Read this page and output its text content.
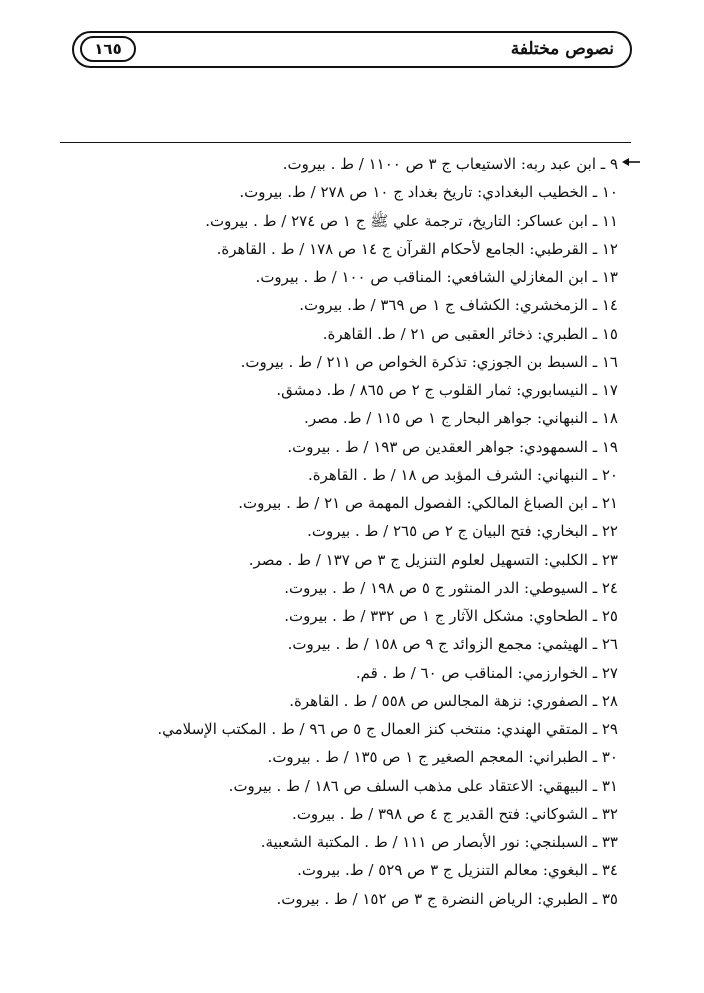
نصوص مختلفة
١٦٥
٩ ـ ابن عبد ربه: الاستيعاب ج ٣ ص ١١٠٠ / ط . بيروت.
١٠ ـ الخطيب البغدادي: تاريخ بغداد ج ١٠ ص ٢٧٨ / ط. بيروت.
١١ ـ ابن عساكر: التاريخ، ترجمة علي ﷺ ج ١ ص ٢٧٤ / ط . بيروت.
١٢ ـ القرطبي: الجامع لأحكام القرآن ج ١٤ ص ١٧٨ / ط . القاهرة.
١٣ ـ ابن المغازلي الشافعي: المناقب ص ١٠٠ / ط . بيروت.
١٤ ـ الزمخشري: الكشاف ج ١ ص ٣٦٩ / ط. بيروت.
١٥ ـ الطبري: ذخائر العقبى ص ٢١ / ط. القاهرة.
١٦ ـ السبط بن الجوزي: تذكرة الخواص ص ٢١١ / ط . بيروت.
١٧ ـ النيسابوري: ثمار القلوب ج ٢ ص ٨٦٥ / ط. دمشق.
١٨ ـ النبهاني: جواهر البحار ج ١ ص ١١٥ / ط. مصر.
١٩ ـ السمهودي: جواهر العقدين ص ١٩٣ / ط . بيروت.
٢٠ ـ النبهاني: الشرف المؤبد ص ١٨ / ط . القاهرة.
٢١ ـ ابن الصباغ المالكي: الفصول المهمة ص ٢١ / ط . بيروت.
٢٢ ـ البخاري: فتح البيان ج ٢ ص ٢٦٥ / ط . بيروت.
٢٣ ـ الكلبي: التسهيل لعلوم التنزيل ج ٣ ص ١٣٧ / ط . مصر.
٢٤ ـ السيوطي: الدر المنثور ج ٥ ص ١٩٨ / ط . بيروت.
٢٥ ـ الطحاوي: مشكل الآثار ج ١ ص ٣٣٢ / ط . بيروت.
٢٦ ـ الهيثمي: مجمع الزوائد ج ٩ ص ١٥٨ / ط . بيروت.
٢٧ ـ الخوارزمي: المناقب ص ٦٠ / ط . قم.
٢٨ ـ الصفوري: نزهة المجالس ص ٥٥٨ / ط . القاهرة.
٢٩ ـ المتقي الهندي: منتخب كنز العمال ج ٥ ص ٩٦ / ط . المكتب الإسلامي.
٣٠ ـ الطبراني: المعجم الصغير ج ١ ص ١٣٥ / ط . بيروت.
٣١ ـ البيهقي: الاعتقاد على مذهب السلف ص ١٨٦ / ط . بيروت.
٣٢ ـ الشوكاني: فتح القدير ج ٤ ص ٣٩٨ / ط . بيروت.
٣٣ ـ السبلنجي: نور الأبصار ص ١١١ / ط . المكتبة الشعبية.
٣٤ ـ البغوي: معالم التنزيل ج ٣ ص ٥٢٩ / ط. بيروت.
٣٥ ـ الطبري: الرياض النضرة ج ٣ ص ١٥٢ / ط . بيروت.
